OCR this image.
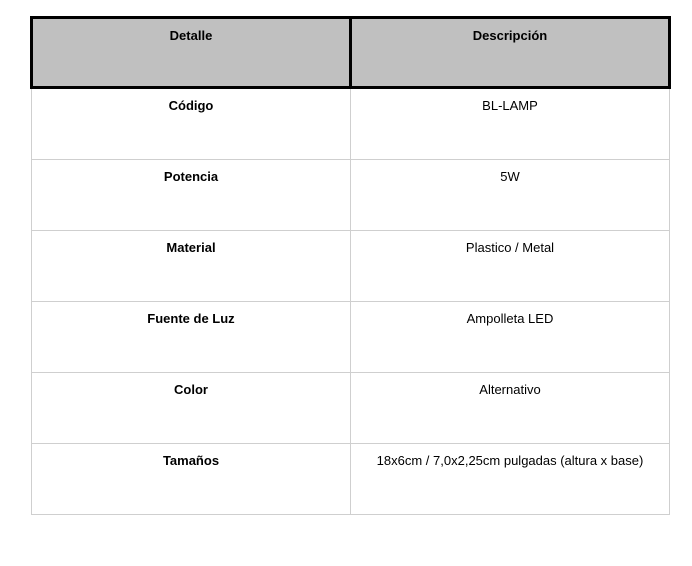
Detalle	Descripción

Código	BL-LAMP

Potencia	5W

Material	Plastico / Metal

Fuente de Luz	Ampolleta LED

Color	Alternativo

Tamaños	18x6cm / 7,0x2,25cm pulgadas (altura x base)
